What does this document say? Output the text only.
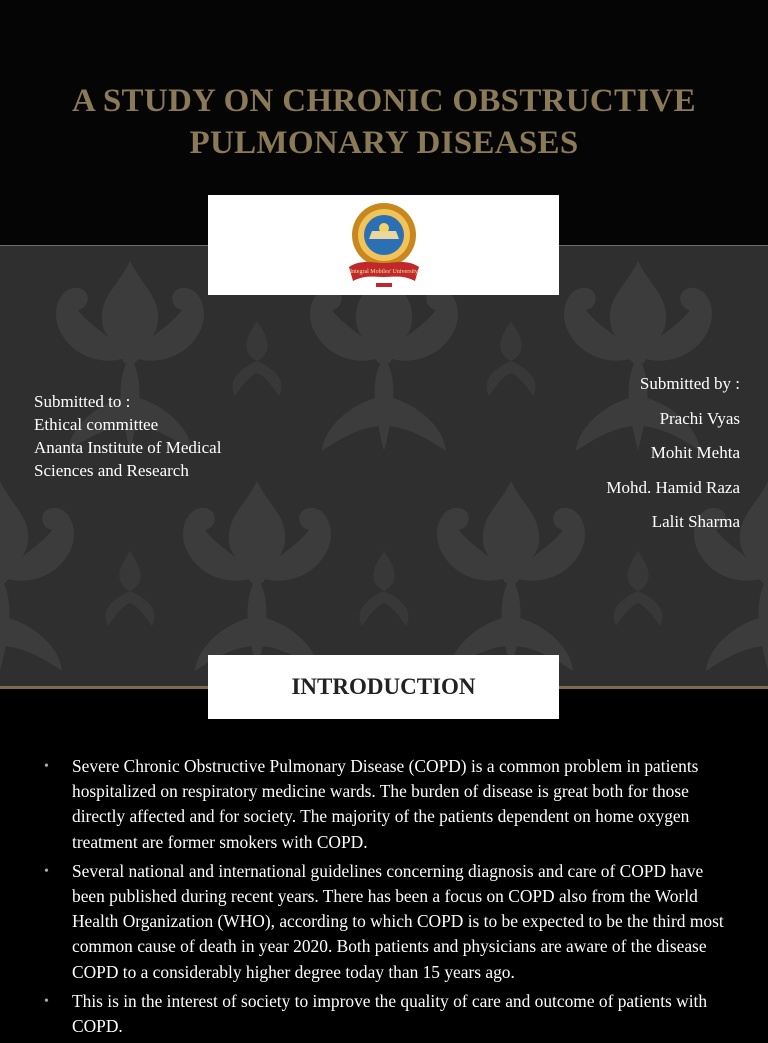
A STUDY ON CHRONIC OBSTRUCTIVE
PULMONARY DISEASES
Integral Mobiles' University
Submitted to :
Ethical committee
Ananta Institute of Medical
Sciences and Research
Submitted by :
Prachi Vyas
Mohit Mehta
Mohd. Hamid Raza
Lalit Sharma
INTRODUCTION
• Severe Chronic Obstructive Pulmonary Disease (COPD) is a common problem in patients hospitalized on respiratory medicine wards. The burden of disease is great both for those directly affected and for society. The majority of the patients dependent on home oxygen treatment are former smokers with COPD.
• Several national and international guidelines concerning diagnosis and care of COPD have been published during recent years. There has been a focus on COPD also from the World Health Organization (WHO), according to which COPD is to be expected to be the third most common cause of death in year 2020. Both patients and physicians are aware of the disease COPD to a considerably higher degree today than 15 years ago.
• This is in the interest of society to improve the quality of care and outcome of patients with COPD.
